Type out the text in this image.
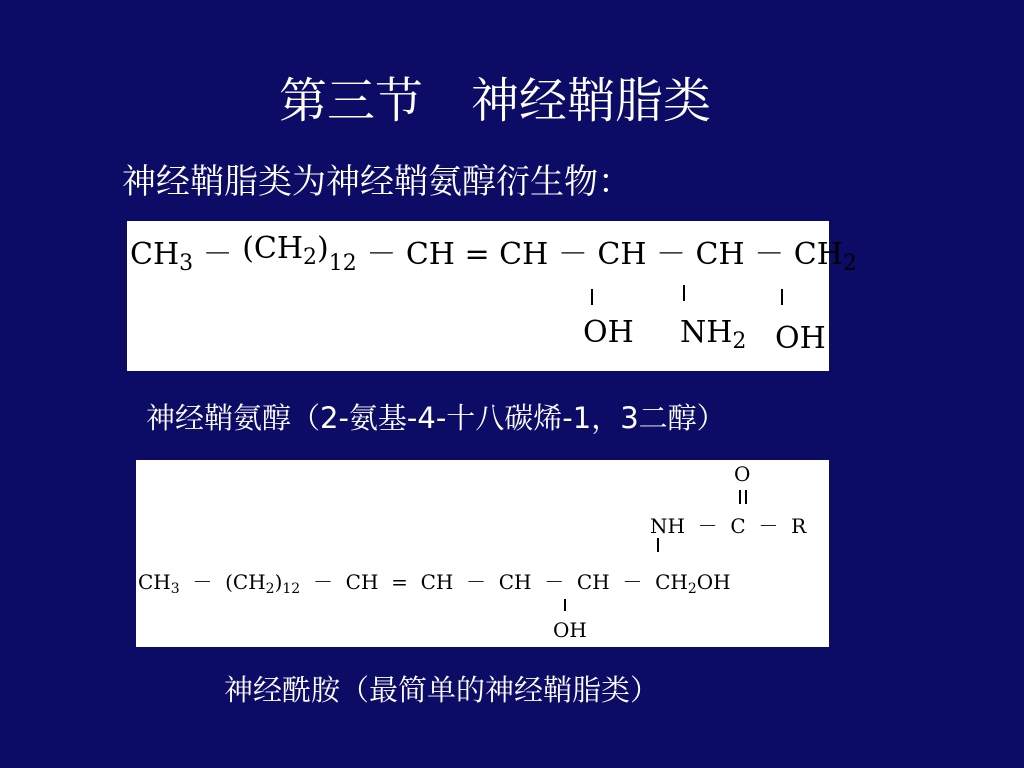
第三节　神经鞘脂类
神经鞘脂类为神经鞘氨醇衍生物：
$CH_3 - (CH_2)_{12}$ － CH = CH － CH － CH － $CH_2$
OH $NH_2$ OH
神经鞘氨醇（2-氨基-4-十八碳烯-1，3二醇）
O
NH  －  C  －  R
$CH_3 - (CH_2)_{12}$ －  CH  =  CH  －  CH  －  CH  －  $CH_2OH$
OH
神经酰胺（最简单的神经鞘脂类）
